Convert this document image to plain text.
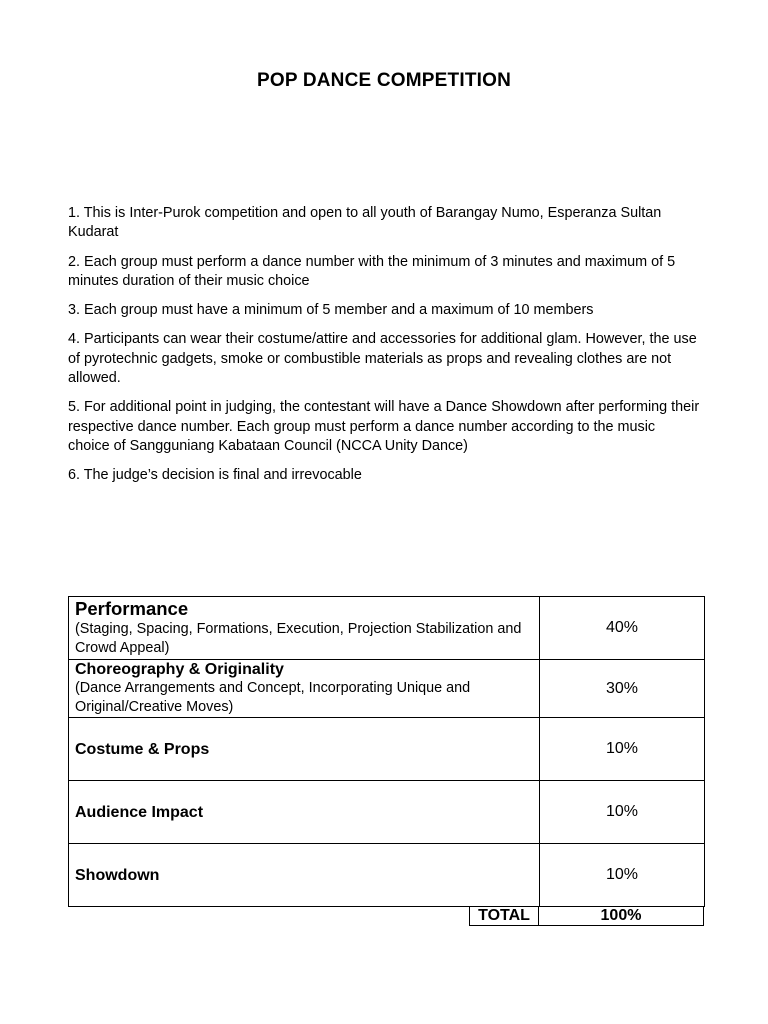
POP DANCE COMPETITION

1. This is Inter-Purok competition and open to all youth of Barangay Numo, Esperanza Sultan Kudarat

2. Each group must perform a dance number with the minimum of 3 minutes and maximum of 5 minutes duration of their music choice

3. Each group must have a minimum of 5 member and a maximum of 10 members

4. Participants can wear their costume/attire and accessories for additional glam. However, the use of pyrotechnic gadgets, smoke or combustible materials as props and revealing clothes are not allowed.

5. For additional point in judging, the contestant will have a Dance Showdown after performing their respective dance number. Each group must perform a dance number according to the music choice of Sangguniang Kabataan Council (NCCA Unity Dance)

6. The judge’s decision is final and irrevocable

Performance
(Staging, Spacing, Formations, Execution, Projection Stabilization and Crowd Appeal)	40%

Choreography & Originality
(Dance Arrangements and Concept, Incorporating Unique and Original/Creative Moves)	30%

Costume & Props	10%

Audience Impact	10%

Showdown	10%
TOTAL	100%
